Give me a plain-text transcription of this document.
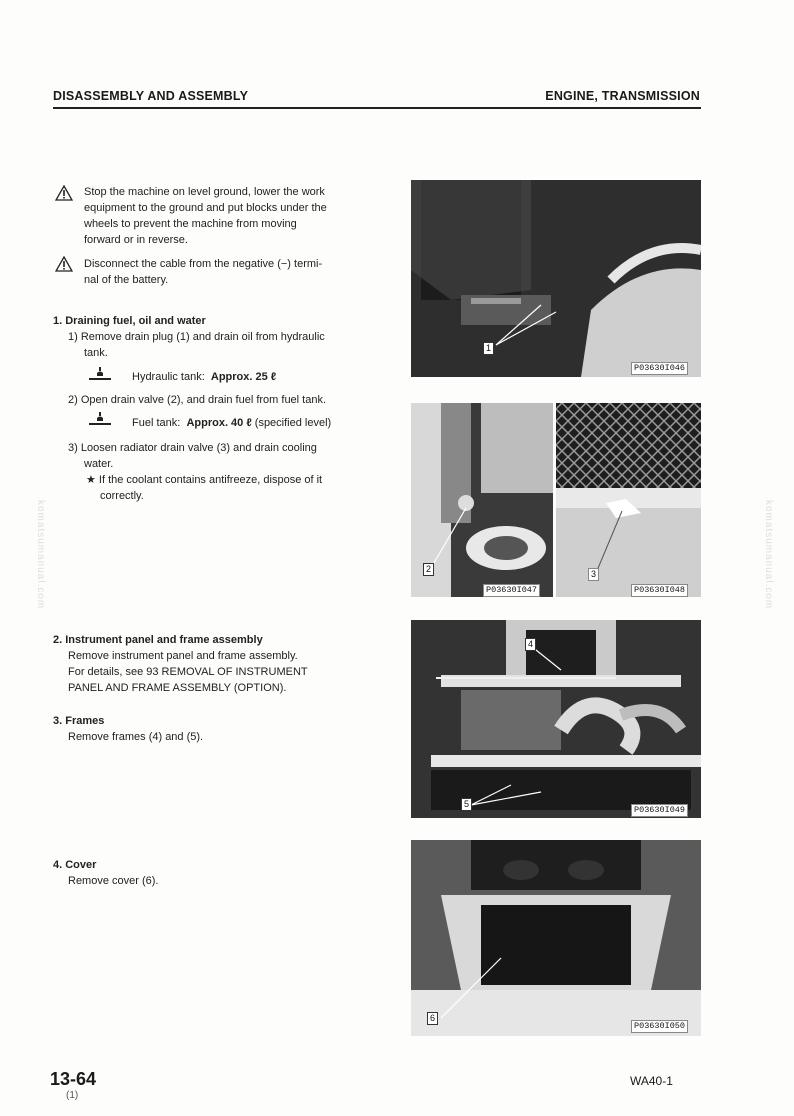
DISASSEMBLY AND ASSEMBLY	ENGINE, TRANSMISSION
Stop the machine on level ground, lower the work
equipment to the ground and put blocks under the
wheels to prevent the machine from moving
forward or in reverse.
Disconnect the cable from the negative (−) termi-
nal of the battery.
1. Draining fuel, oil and water
1) Remove drain plug (1) and drain oil from hydraulic
tank.
Hydraulic tank: Approx. 25 ℓ
2) Open drain valve (2), and drain fuel from fuel tank.
Fuel tank: Approx. 40 ℓ (specified level)
3) Loosen radiator drain valve (3) and drain cooling
water.
★ If the coolant contains antifreeze, dispose of it
correctly.
2. Instrument panel and frame assembly
Remove instrument panel and frame assembly.
For details, see 93 REMOVAL OF INSTRUMENT
PANEL AND FRAME ASSEMBLY (OPTION).
3. Frames
Remove frames (4) and (5).
4. Cover
Remove cover (6).
1
P03630I046
2
P03630I047
3
P03630I048
4
5
P03630I049
6
P03630I050
komatsumanual.com	komatsumanual.com
13-64
(1)
WA40-1
